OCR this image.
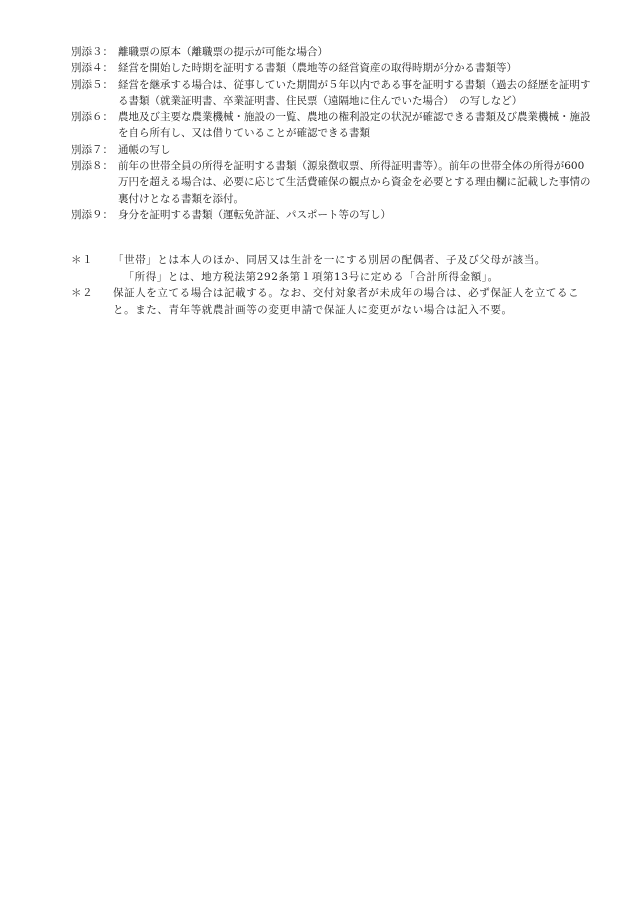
別添３： 離職票の原本（離職票の提示が可能な場合）
別添４： 経営を開始した時期を証明する書類（農地等の経営資産の取得時期が分かる書類等）
別添５： 経営を継承する場合は、従事していた期間が５年以内である事を証明する書類（過去の経歴を証明する書類（就業証明書、卒業証明書、住民票（遠隔地に住んでいた場合）　の写しなど）
別添６： 農地及び主要な農業機械・施設の一覧、農地の権利設定の状況が確認できる書類及び農業機械・施設を自ら所有し、又は借りていることが確認できる書類
別添７： 通帳の写し
別添８： 前年の世帯全員の所得を証明する書類（源泉徴収票、所得証明書等）。前年の世帯全体の所得が600万円を超える場合は、必要に応じて生活費確保の観点から資金を必要とする理由欄に記載した事情の裏付けとなる書類を添付。
別添９： 身分を証明する書類（運転免許証、パスポート等の写し）
＊１	「世帯」とは本人のほか、同居又は生計を一にする別居の配偶者、子及び父母が該当。
「所得」とは、地方税法第292条第１項第13号に定める「合計所得金額」。
＊２	保証人を立てる場合は記載する。なお、交付対象者が未成年の場合は、必ず保証人を立てること。また、青年等就農計画等の変更申請で保証人に変更がない場合は記入不要。
